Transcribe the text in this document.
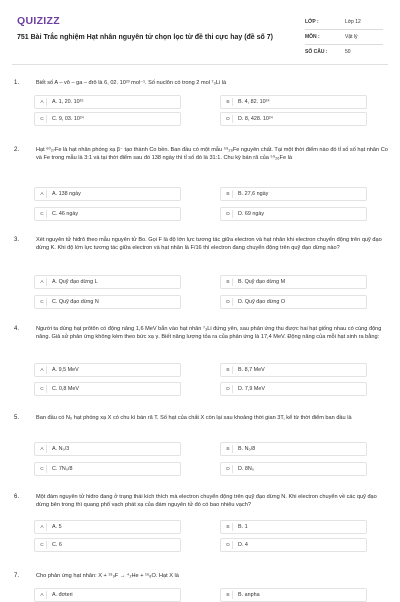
QUIZIZZ
751 Bài Trắc nghiệm Hạt nhân nguyên tử chọn lọc từ đề thi cực hay (đề số 7)
LỚP :	Lớp 12
MÔN :	Vật lý
SỐ CÂU :	50
1.	Biết số A – vô – ga – đrô là 6, 02. 10²³ mol⁻¹. Số nuclôn có trong 2 mol ⁷₃Li là
A	A. 1, 20. 10²⁵	B	B. 4, 82. 10²⁴
C	C. 9, 03. 10²⁴	D	D. 8, 428. 10²⁴
2.	Hạt ⁶⁰₂₇Fe là hạt nhân phóng xạ β⁻ tạo thành Co bền. Ban đầu có một mẫu ⁵⁹₂₆Fe nguyên chất. Tại một thời điểm nào đó tỉ số số hạt nhân Co và Fe trong mẫu là 3:1 và tại thời điểm sau đó 138 ngày thì tỉ số đó là 31:1. Chu kỳ bán rã của ⁵⁹₂₆Fe là
A	A. 138 ngày	B	B. 27,6 ngày
C	C. 46 ngày	D	D. 69 ngày
3.	Xét nguyên tử hiđrô theo mẫu nguyên tử Bo. Gọi F là độ lớn lực tương tác giữa electron và hạt nhân khi electron chuyển động trên quỹ đạo dừng K. Khi độ lớn lực tương tác giữa electron và hạt nhân là F/16 thì electron đang chuyển động trên quỹ đạo dừng nào?
A	A. Quỹ đạo dừng L	B	B. Quỹ đạo dừng M
C	C. Quỹ đạo dừng N	D	D. Quỹ đạo dừng O
4.	Người ta dùng hạt prôtôn có động năng 1,6 MeV bắn vào hạt nhân ⁷₃Li đứng yên, sau phản ứng thu được hai hạt giống nhau có cùng động năng. Giả sử phản ứng không kèm theo bức xạ γ. Biết năng lượng tỏa ra của phản ứng là 17,4 MeV. Động năng của mỗi hạt sinh ra bằng:
A	A. 9,5 MeV	B	B. 8,7 MeV
C	C. 0,8 MeV	D	D. 7,9 MeV
5.	Ban đầu có N₀ hạt phóng xạ X có chu kì bán rã T. Số hạt của chất X còn lại sau khoảng thời gian 3T, kể từ thời điểm ban đầu là
A	A. N₀/3	B	B. N₀/8
C	C. 7N₀/8	D	D. 8N₀
6.	Một đám nguyên tử hiđro đang ở trạng thái kích thích mà electron chuyển động trên quỹ đạo dừng N. Khi electron chuyển về các quỹ đạo dừng bên trong thì quang phổ vạch phát xạ của đám nguyên tử đó có bao nhiêu vạch?
A	A. 5	B	B. 1
C	C. 6	D	D. 4
7.	Cho phản ứng hạt nhân: X + ¹⁹₉F → ⁴₂He + ¹⁶₈O. Hạt X là
A	A. đơteri	B	B. anpha
